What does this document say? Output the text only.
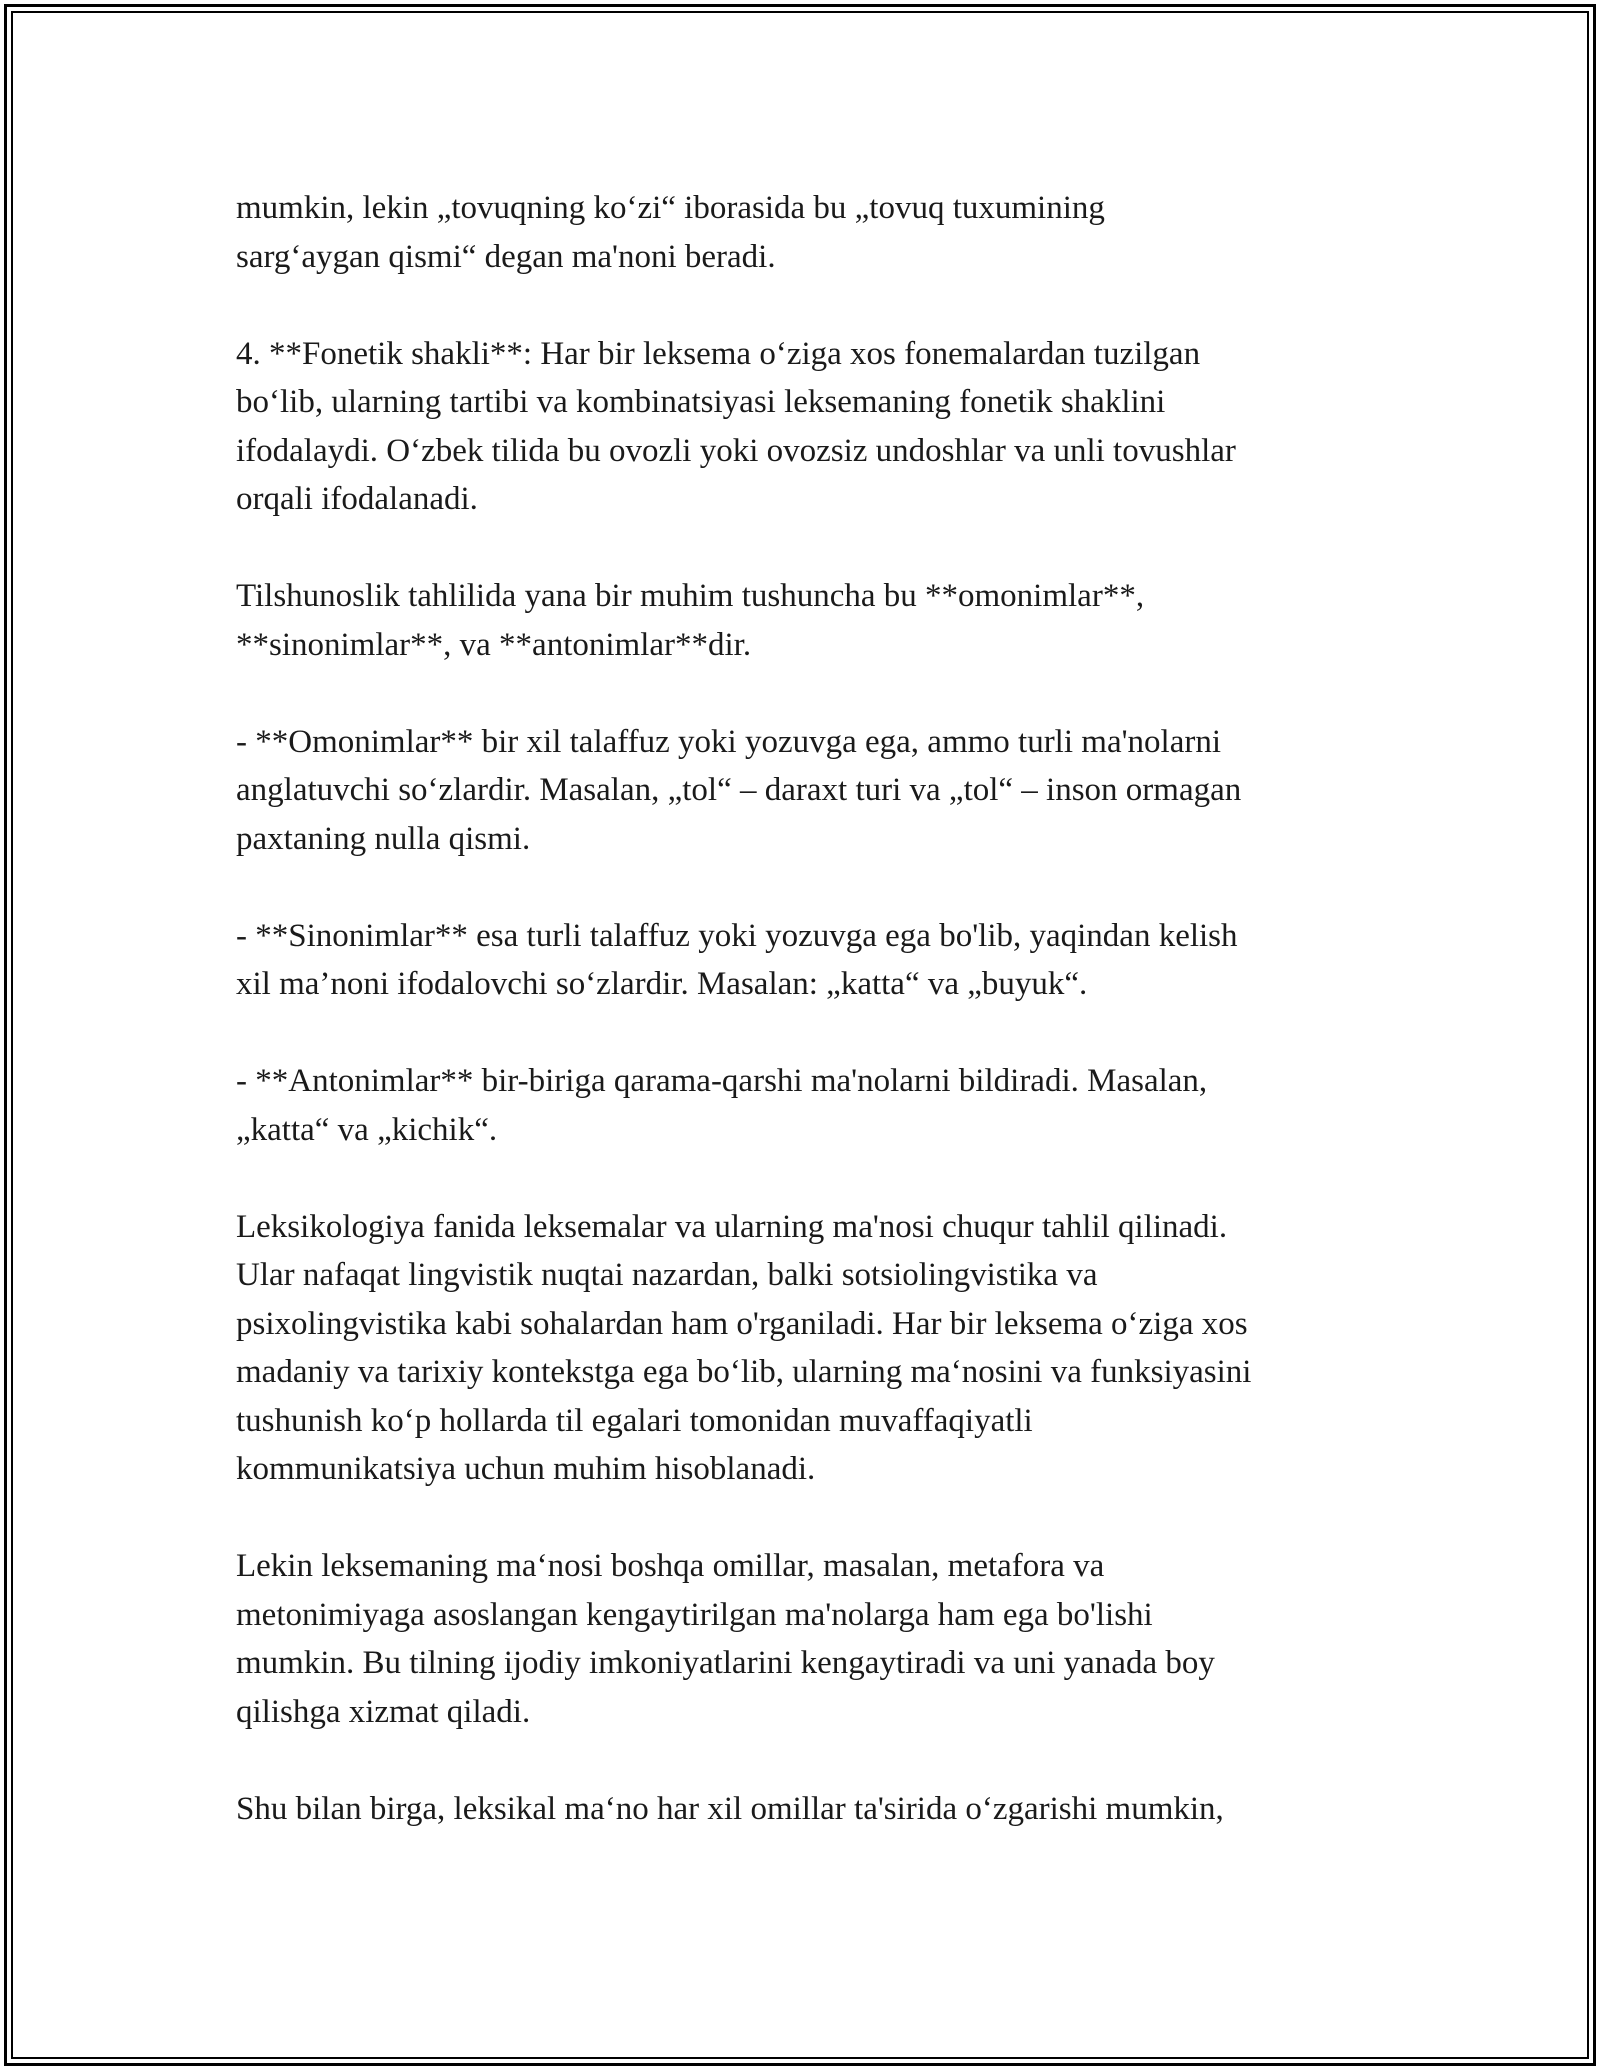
mumkin, lekin „tovuqning ko‘zi“ iborasida bu „tovuq tuxumining
sarg‘aygan qismi“ degan ma'noni beradi.

4. **Fonetik shakli**: Har bir leksema o‘ziga xos fonemalardan tuzilgan
bo‘lib, ularning tartibi va kombinatsiyasi leksemaning fonetik shaklini
ifodalaydi. O‘zbek tilida bu ovozli yoki ovozsiz undoshlar va unli tovushlar
orqali ifodalanadi.

Tilshunoslik tahlilida yana bir muhim tushuncha bu **omonimlar**,
**sinonimlar**, va **antonimlar**dir.

- **Omonimlar** bir xil talaffuz yoki yozuvga ega, ammo turli ma'nolarni
anglatuvchi so‘zlardir. Masalan, „tol“ – daraxt turi va „tol“ – inson ormagan
paxtaning nulla qismi.

- **Sinonimlar** esa turli talaffuz yoki yozuvga ega bo'lib, yaqindan kelish
xil ma’noni ifodalovchi so‘zlardir. Masalan: „katta“ va „buyuk“.

- **Antonimlar** bir-biriga qarama-qarshi ma'nolarni bildiradi. Masalan,
„katta“ va „kichik“.

Leksikologiya fanida leksemalar va ularning ma'nosi chuqur tahlil qilinadi.
Ular nafaqat lingvistik nuqtai nazardan, balki sotsiolingvistika va
psixolingvistika kabi sohalardan ham o'rganiladi. Har bir leksema o‘ziga xos
madaniy va tarixiy kontekstga ega bo‘lib, ularning ma‘nosini va funksiyasini
tushunish ko‘p hollarda til egalari tomonidan muvaffaqiyatli
kommunikatsiya uchun muhim hisoblanadi.

Lekin leksemaning ma‘nosi boshqa omillar, masalan, metafora va
metonimiyaga asoslangan kengaytirilgan ma'nolarga ham ega bo'lishi
mumkin. Bu tilning ijodiy imkoniyatlarini kengaytiradi va uni yanada boy
qilishga xizmat qiladi.

Shu bilan birga, leksikal ma‘no har xil omillar ta'sirida o‘zgarishi mumkin,
